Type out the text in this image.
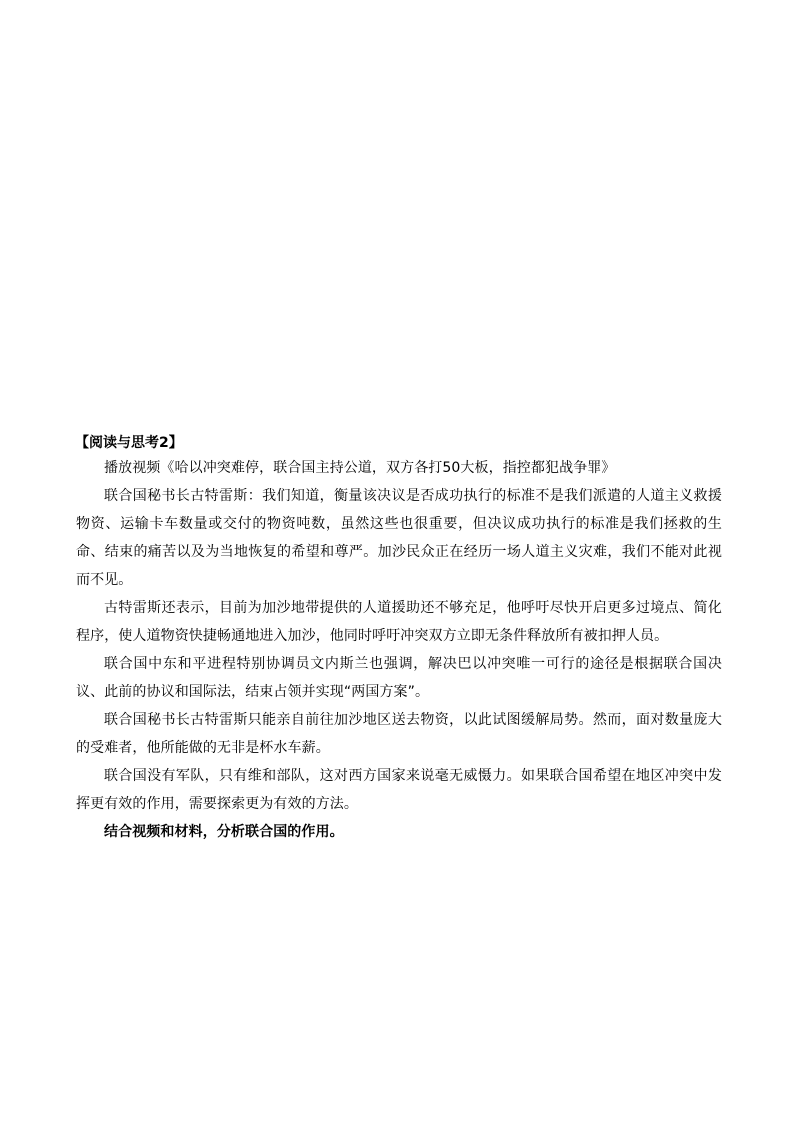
【阅读与思考2】

播放视频《哈以冲突难停，联合国主持公道，双方各打50大板，指控都犯战争罪》

联合国秘书长古特雷斯：我们知道，衡量该决议是否成功执行的标准不是我们派遣的人道主义救援物资、运输卡车数量或交付的物资吨数，虽然这些也很重要，但决议成功执行的标准是我们拯救的生命、结束的痛苦以及为当地恢复的希望和尊严。加沙民众正在经历一场人道主义灾难，我们不能对此视而不见。

古特雷斯还表示，目前为加沙地带提供的人道援助还不够充足，他呼吁尽快开启更多过境点、简化程序，使人道物资快捷畅通地进入加沙，他同时呼吁冲突双方立即无条件释放所有被扣押人员。

联合国中东和平进程特别协调员文内斯兰也强调，解决巴以冲突唯一可行的途径是根据联合国决议、此前的协议和国际法，结束占领并实现“两国方案”。

联合国秘书长古特雷斯只能亲自前往加沙地区送去物资，以此试图缓解局势。然而，面对数量庞大的受难者，他所能做的无非是杯水车薪。

联合国没有军队，只有维和部队，这对西方国家来说毫无威慑力。如果联合国希望在地区冲突中发挥更有效的作用，需要探索更为有效的方法。

结合视频和材料，分析联合国的作用。
